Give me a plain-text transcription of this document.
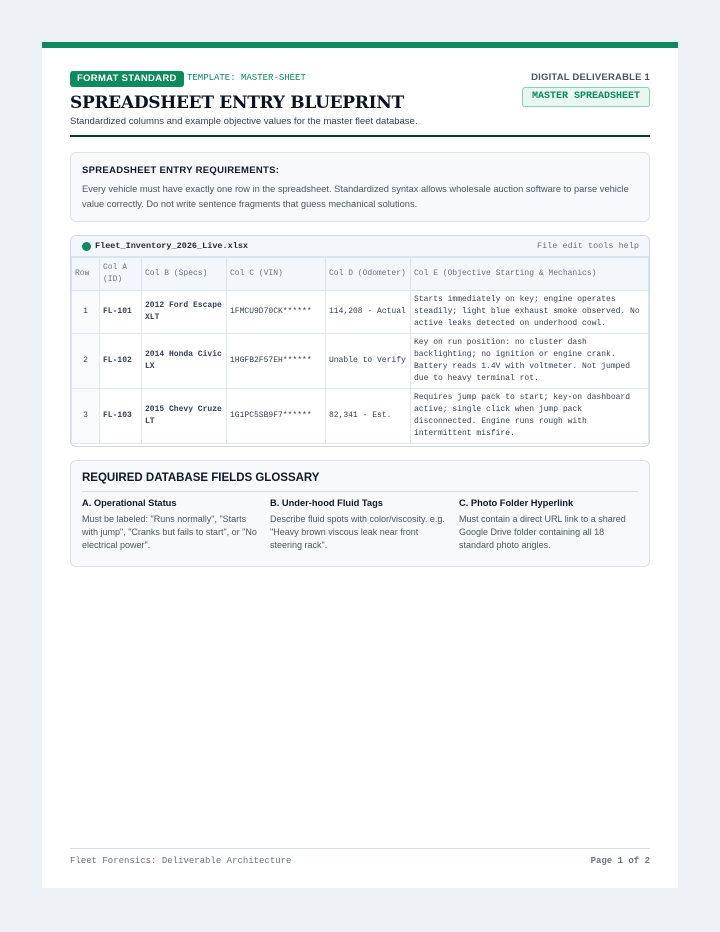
FORMAT STANDARD	TEMPLATE: MASTER-SHEET	DIGITAL DELIVERABLE 1
MASTER SPREADSHEET
SPREADSHEET ENTRY BLUEPRINT
Standardized columns and example objective values for the master fleet database.
SPREADSHEET ENTRY REQUIREMENTS:
Every vehicle must have exactly one row in the spreadsheet. Standardized syntax allows wholesale auction software to parse vehicle value correctly. Do not write sentence fragments that guess mechanical solutions.
Fleet_Inventory_2026_Live.xlsx	File edit tools help
Row	Col A (ID)	Col B (Specs)	Col C (VIN)	Col D (Odometer)	Col E (Objective Starting & Mechanics)
1	FL-101	2012 Ford Escape XLT	1FMCU9D70CK******	114,208 - Actual	Starts immediately on key; engine operates steadily; light blue exhaust smoke observed. No active leaks detected on underhood cowl.
2	FL-102	2014 Honda Civic LX	1HGFB2F57EH******	Unable to Verify	Key on run position: no cluster dash backlighting; no ignition or engine crank. Battery reads 1.4V with voltmeter. Not jumped due to heavy terminal rot.
3	FL-103	2015 Chevy Cruze LT	1G1PC5SB9F7******	82,341 - Est.	Requires jump pack to start; key-on dashboard active; single click when jump pack disconnected. Engine runs rough with intermittent misfire.
REQUIRED DATABASE FIELDS GLOSSARY
A. Operational Status

Must be labeled: "Runs normally", "Starts with jump", "Cranks but fails to start", or "No electrical power".

B. Under-hood Fluid Tags

Describe fluid spots with color/viscosity. e.g. "Heavy brown viscous leak near front steering rack".

C. Photo Folder Hyperlink

Must contain a direct URL link to a shared Google Drive folder containing all 18 standard photo angles.

Fleet Forensics: Deliverable Architecture	Page 1 of 2
